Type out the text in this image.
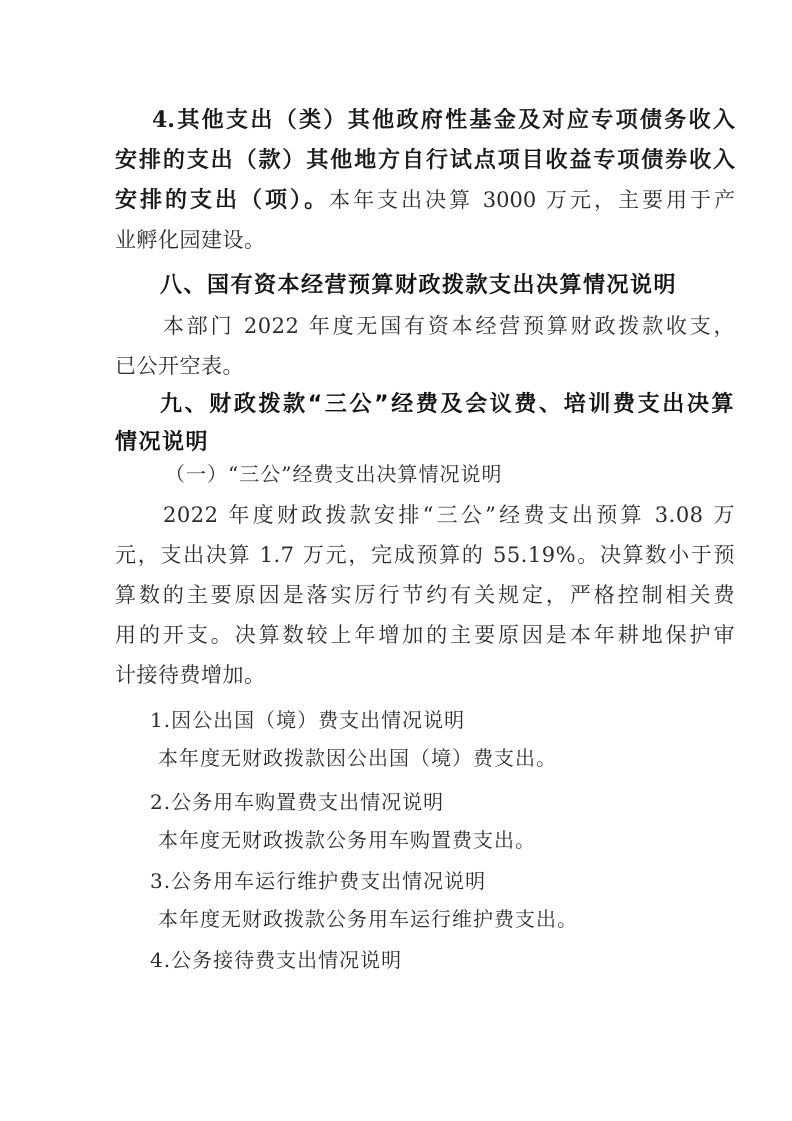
4.其他支出（类）其他政府性基金及对应专项债务收入
安排的支出（款）其他地方自行试点项目收益专项债券收入
安排的支出（项）。本年支出决算 3000 万元，主要用于产
业孵化园建设。
八、国有资本经营预算财政拨款支出决算情况说明
本部门 2022 年度无国有资本经营预算财政拨款收支，
已公开空表。
九、财政拨款“三公”经费及会议费、培训费支出决算
情况说明
（一）“三公”经费支出决算情况说明
2022 年度财政拨款安排“三公”经费支出预算 3.08 万
元，支出决算 1.7 万元，完成预算的 55.19%。决算数小于预
算数的主要原因是落实厉行节约有关规定，严格控制相关费
用的开支。决算数较上年增加的主要原因是本年耕地保护审
计接待费增加。
1.因公出国（境）费支出情况说明
本年度无财政拨款因公出国（境）费支出。
2.公务用车购置费支出情况说明
本年度无财政拨款公务用车购置费支出。
3.公务用车运行维护费支出情况说明
本年度无财政拨款公务用车运行维护费支出。
4.公务接待费支出情况说明
